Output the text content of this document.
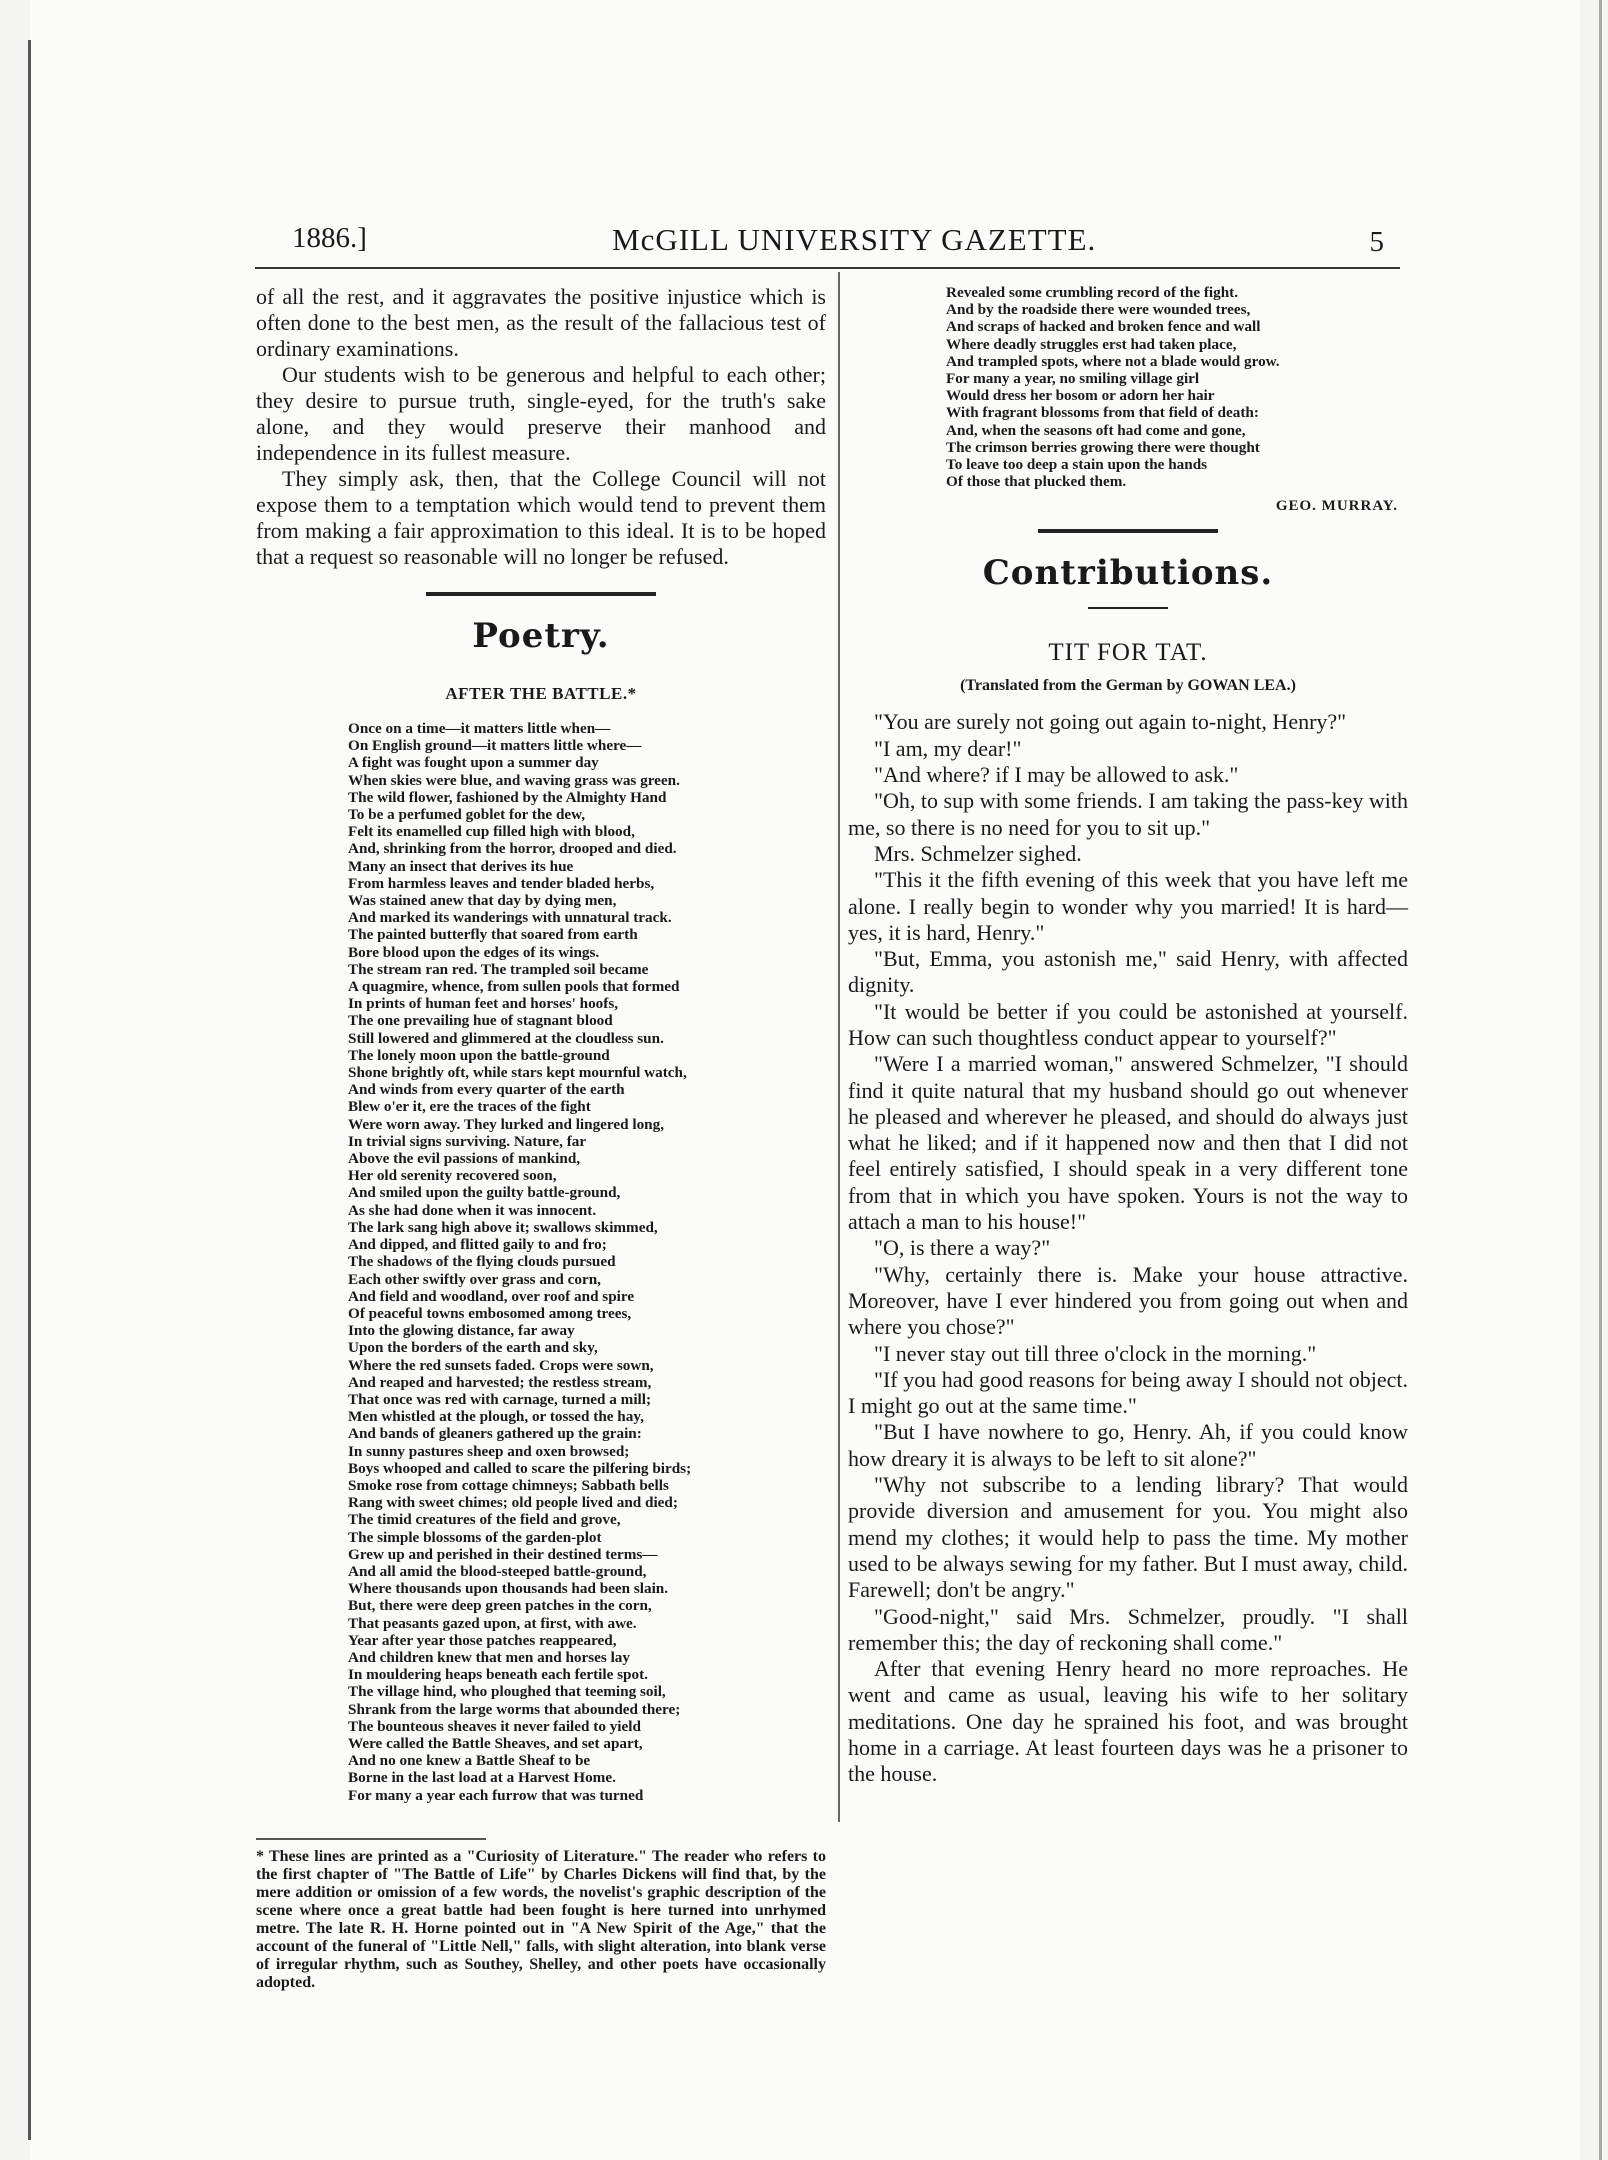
1886.]	McGILL UNIVERSITY GAZETTE.	5

of all the rest, and it aggravates the positive injustice which is often done to the best men, as the result of the fallacious test of ordinary examinations.

Our students wish to be generous and helpful to each other; they desire to pursue truth, single-eyed, for the truth's sake alone, and they would preserve their manhood and independence in its fullest measure.

They simply ask, then, that the College Council will not expose them to a temptation which would tend to prevent them from making a fair approximation to this ideal. It is to be hoped that a request so reasonable will no longer be refused.

Poetry.
AFTER THE BATTLE.*
Once on a time—it matters little when—
On English ground—it matters little where—
A fight was fought upon a summer day
When skies were blue, and waving grass was green.
The wild flower, fashioned by the Almighty Hand
To be a perfumed goblet for the dew,
Felt its enamelled cup filled high with blood,
And, shrinking from the horror, drooped and died.
Many an insect that derives its hue
From harmless leaves and tender bladed herbs,
Was stained anew that day by dying men,
And marked its wanderings with unnatural track.
The painted butterfly that soared from earth
Bore blood upon the edges of its wings.
The stream ran red. The trampled soil became
A quagmire, whence, from sullen pools that formed
In prints of human feet and horses' hoofs,
The one prevailing hue of stagnant blood
Still lowered and glimmered at the cloudless sun.
The lonely moon upon the battle-ground
Shone brightly oft, while stars kept mournful watch,
And winds from every quarter of the earth
Blew o'er it, ere the traces of the fight
Were worn away. They lurked and lingered long,
In trivial signs surviving. Nature, far
Above the evil passions of mankind,
Her old serenity recovered soon,
And smiled upon the guilty battle-ground,
As she had done when it was innocent.
The lark sang high above it; swallows skimmed,
And dipped, and flitted gaily to and fro;
The shadows of the flying clouds pursued
Each other swiftly over grass and corn,
And field and woodland, over roof and spire
Of peaceful towns embosomed among trees,
Into the glowing distance, far away
Upon the borders of the earth and sky,
Where the red sunsets faded. Crops were sown,
And reaped and harvested; the restless stream,
That once was red with carnage, turned a mill;
Men whistled at the plough, or tossed the hay,
And bands of gleaners gathered up the grain:
In sunny pastures sheep and oxen browsed;
Boys whooped and called to scare the pilfering birds;
Smoke rose from cottage chimneys; Sabbath bells
Rang with sweet chimes; old people lived and died;
The timid creatures of the field and grove,
The simple blossoms of the garden-plot
Grew up and perished in their destined terms—
And all amid the blood-steeped battle-ground,
Where thousands upon thousands had been slain.
But, there were deep green patches in the corn,
That peasants gazed upon, at first, with awe.
Year after year those patches reappeared,
And children knew that men and horses lay
In mouldering heaps beneath each fertile spot.
The village hind, who ploughed that teeming soil,
Shrank from the large worms that abounded there;
The bounteous sheaves it never failed to yield
Were called the Battle Sheaves, and set apart,
And no one knew a Battle Sheaf to be
Borne in the last load at a Harvest Home.
For many a year each furrow that was turned
* These lines are printed as a "Curiosity of Literature." The reader who refers to the first chapter of "The Battle of Life" by Charles Dickens will find that, by the mere addition or omission of a few words, the novelist's graphic description of the scene where once a great battle had been fought is here turned into unrhymed metre. The late R. H. Horne pointed out in "A New Spirit of the Age," that the account of the funeral of "Little Nell," falls, with slight alteration, into blank verse of irregular rhythm, such as Southey, Shelley, and other poets have occasionally adopted.
Revealed some crumbling record of the fight.
And by the roadside there were wounded trees,
And scraps of hacked and broken fence and wall
Where deadly struggles erst had taken place,
And trampled spots, where not a blade would grow.
For many a year, no smiling village girl
Would dress her bosom or adorn her hair
With fragrant blossoms from that field of death:
And, when the seasons oft had come and gone,
The crimson berries growing there were thought
To leave too deep a stain upon the hands
Of those that plucked them.
GEO. MURRAY.
Contributions.
TIT FOR TAT.
(Translated from the German by GOWAN LEA.)

"You are surely not going out again to-night, Henry?"

"I am, my dear!"

"And where? if I may be allowed to ask."

"Oh, to sup with some friends. I am taking the pass-key with me, so there is no need for you to sit up."

Mrs. Schmelzer sighed.

"This it the fifth evening of this week that you have left me alone. I really begin to wonder why you married! It is hard—yes, it is hard, Henry."

"But, Emma, you astonish me," said Henry, with affected dignity.

"It would be better if you could be astonished at yourself. How can such thoughtless conduct appear to yourself?"

"Were I a married woman," answered Schmelzer, "I should find it quite natural that my husband should go out whenever he pleased and wherever he pleased, and should do always just what he liked; and if it happened now and then that I did not feel entirely satisfied, I should speak in a very different tone from that in which you have spoken. Yours is not the way to attach a man to his house!"

"O, is there a way?"

"Why, certainly there is. Make your house attractive. Moreover, have I ever hindered you from going out when and where you chose?"

"I never stay out till three o'clock in the morning."

"If you had good reasons for being away I should not object. I might go out at the same time."

"But I have nowhere to go, Henry. Ah, if you could know how dreary it is always to be left to sit alone?"

"Why not subscribe to a lending library? That would provide diversion and amusement for you. You might also mend my clothes; it would help to pass the time. My mother used to be always sewing for my father. But I must away, child. Farewell; don't be angry."

"Good-night," said Mrs. Schmelzer, proudly. "I shall remember this; the day of reckoning shall come."

After that evening Henry heard no more reproaches. He went and came as usual, leaving his wife to her solitary meditations. One day he sprained his foot, and was brought home in a carriage. At least fourteen days was he a prisoner to the house.
